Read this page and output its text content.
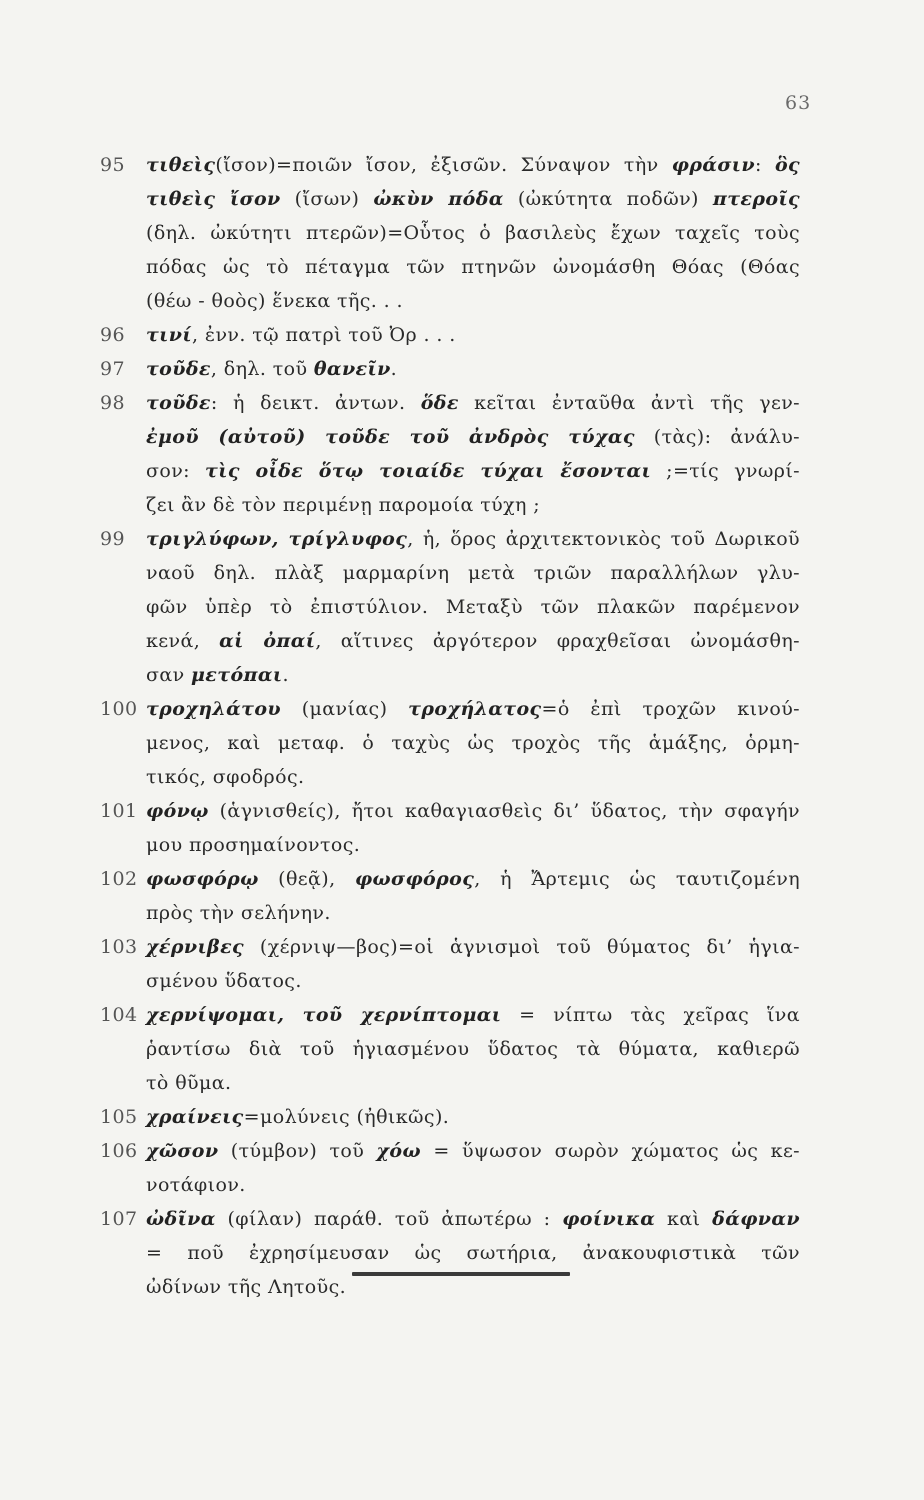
63
95	τιθεὶς(ἴσον)=ποιῶν ἴσον, ἐξισῶν. Σύναψον τὴν φράσιν: ὃς
τιθεὶς ἴσον (ἴσων) ὠκὺν πόδα (ὠκύτητα ποδῶν) πτεροῖς
(δηλ. ὠκύτητι πτερῶν)=Οὗτος ὁ βασιλεὺς ἔχων ταχεῖς τοὺς
πόδας ὡς τὸ πέταγμα τῶν πτηνῶν ὠνομάσθη Θόας (Θόας
(θέω - θοὸς) ἕνεκα τῆς. . .
96	τινί, ἐνν. τῷ πατρὶ τοῦ Ὀρ . . .
97	τοῦδε, δηλ. τοῦ θανεῖν.
98	τοῦδε: ἡ δεικτ. ἀντων. ὅδε κεῖται ἐνταῦθα ἀντὶ τῆς γεν-
ἐμοῦ (αὐτοῦ) τοῦδε τοῦ ἀνδρὸς τύχας (τὰς): ἀνάλυ-
σον: τὶς οἶδε ὅτῳ τοιαίδε τύχαι ἔσονται ;=τίς γνωρί-
ζει ἂν δὲ τὸν περιμένῃ παρομοία τύχη ;
99	τριγλύφων, τρίγλυφος, ἡ, ὅρος ἀρχιτεκτονικὸς τοῦ Δωρικοῦ
ναοῦ δηλ. πλὰξ μαρμαρίνη μετὰ τριῶν παραλλήλων γλυ-
φῶν ὑπὲρ τὸ ἐπιστύλιον. Μεταξὺ τῶν πλακῶν παρέμενον
κενά, αἱ ὀπαί, αἵτινες ἀργότερον φραχθεῖσαι ὠνομάσθη-
σαν μετόπαι.
100 τροχηλάτου (μανίας) τροχήλατος=ὁ ἐπὶ τροχῶν κινού-
μενος, καὶ μεταφ. ὁ ταχὺς ὡς τροχὸς τῆς ἁμάξης, ὁρμη-
τικός, σφοδρός.
101 φόνῳ (ἁγνισθείς), ἤτοι καθαγιασθεὶς δι’ ὕδατος, τὴν σφαγήν
μου προσημαίνοντος.
102 φωσφόρῳ (θεᾷ), φωσφόρος, ἡ Ἄρτεμις ὡς ταυτιζομένη
πρὸς τὴν σελήνην.
103 χέρνιβες (χέρνιψ—βος)=οἱ ἁγνισμοὶ τοῦ θύματος δι’ ἡγια-
σμένου ὕδατος.
104 χερνίψομαι, τοῦ χερνίπτομαι = νίπτω τὰς χεῖρας ἵνα
ῥαντίσω διὰ τοῦ ἡγιασμένου ὕδατος τὰ θύματα, καθιερῶ
τὸ θῦμα.
105 χραίνεις=μολύνεις (ἠθικῶς).
106 χῶσον (τύμβον) τοῦ χόω = ὕψωσον σωρὸν χώματος ὡς κε-
νοτάφιον.
107 ὠδῖνα (φίλαν) παράθ. τοῦ ἀπωτέρω : φοίνικα καὶ δάφναν
= ποῦ ἐχρησίμευσαν ὡς σωτήρια, ἀνακουφιστικὰ τῶν
ὠδίνων τῆς Λητοῦς.
